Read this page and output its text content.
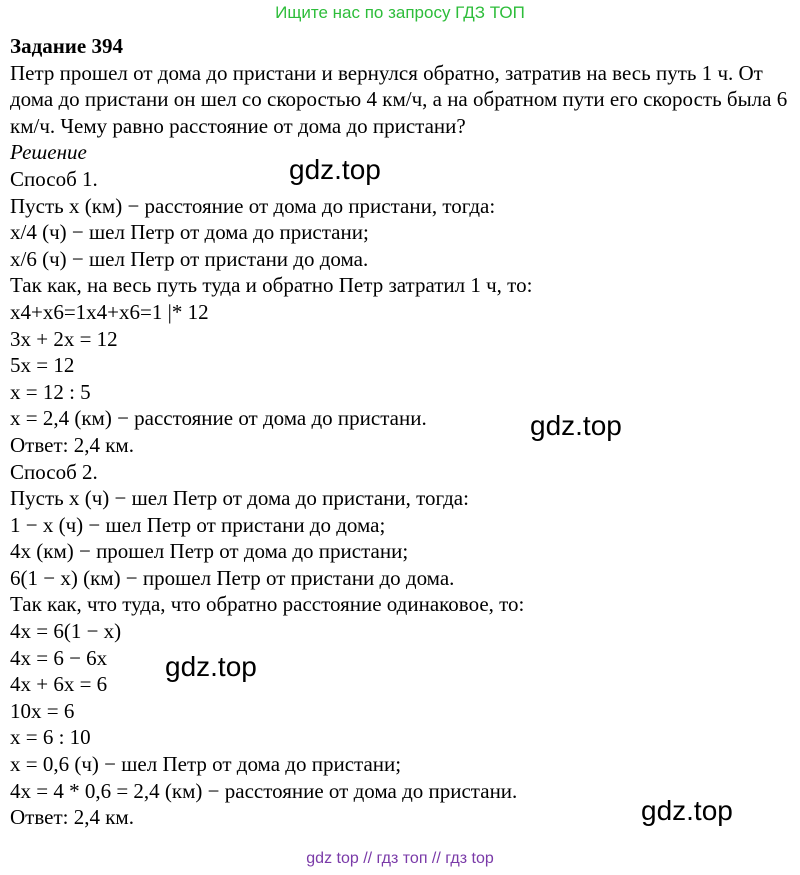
Ищите нас по запросу ГДЗ ТОП
Задание 394
Петр прошел от дома до пристани и вернулся обратно, затратив на весь путь 1 ч. От дома до пристани он шел со скоростью 4 км/ч, а на обратном пути его скорость была 6 км/ч. Чему равно расстояние от дома до пристани?
Решение
Способ 1.
Пусть x (км) − расстояние от дома до пристани, тогда:
x/4 (ч) − шел Петр от дома до пристани;
x/6 (ч) − шел Петр от пристани до дома.
Так как, на весь путь туда и обратно Петр затратил 1 ч, то:
x4+x6=1x4+x6=1 |* 12
3x + 2x = 12
5x = 12
x = 12 : 5
x = 2,4 (км) − расстояние от дома до пристани.
Ответ: 2,4 км.
Способ 2.
Пусть x (ч) − шел Петр от дома до пристани, тогда:
1 − x (ч) − шел Петр от пристани до дома;
4x (км) − прошел Петр от дома до пристани;
6(1 − x) (км) − прошел Петр от пристани до дома.
Так как, что туда, что обратно расстояние одинаковое, то:
4x = 6(1 − x)
4x = 6 − 6x
4x + 6x = 6
10x = 6
x = 6 : 10
x = 0,6 (ч) − шел Петр от дома до пристани;
4x = 4 * 0,6 = 2,4 (км) − расстояние от дома до пристани.
Ответ: 2,4 км.
gdz.top
gdz.top
gdz.top
gdz.top
gdz top // гдз топ // гдз top
